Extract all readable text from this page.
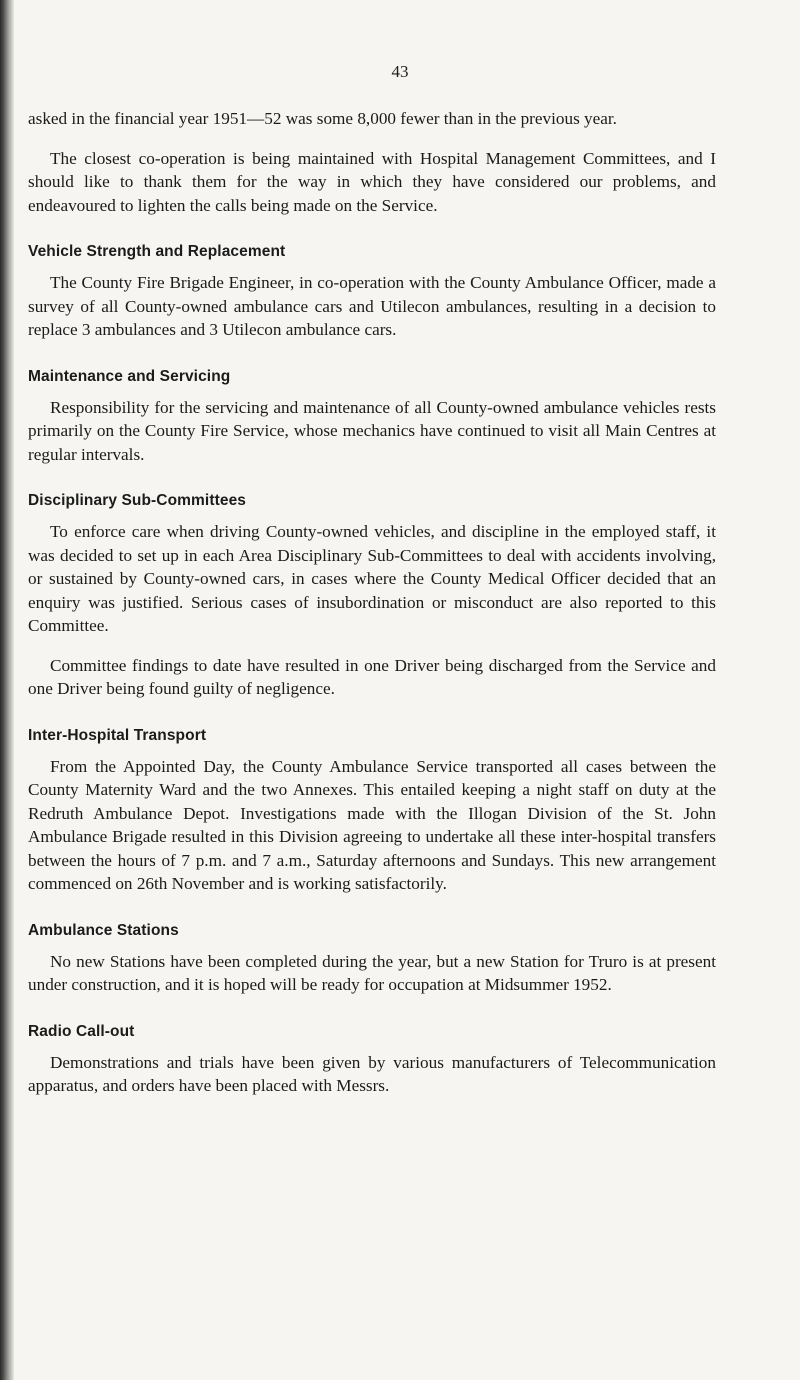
43

asked in the financial year 1951—52 was some 8,000 fewer than in the previous year.

The closest co-operation is being maintained with Hospital Management Committees, and I should like to thank them for the way in which they have considered our problems, and endeavoured to lighten the calls being made on the Service.

Vehicle Strength and Replacement

The County Fire Brigade Engineer, in co-operation with the County Ambulance Officer, made a survey of all County-owned ambulance cars and Utilecon ambulances, resulting in a decision to replace 3 ambulances and 3 Utilecon ambulance cars.

Maintenance and Servicing

Responsibility for the servicing and maintenance of all County-owned ambulance vehicles rests primarily on the County Fire Service, whose mechanics have continued to visit all Main Centres at regular intervals.

Disciplinary Sub-Committees

To enforce care when driving County-owned vehicles, and discipline in the employed staff, it was decided to set up in each Area Disciplinary Sub-Committees to deal with accidents involving, or sustained by County-owned cars, in cases where the County Medical Officer decided that an enquiry was justified. Serious cases of insubordination or misconduct are also reported to this Committee.

Committee findings to date have resulted in one Driver being discharged from the Service and one Driver being found guilty of negligence.

Inter-Hospital Transport

From the Appointed Day, the County Ambulance Service transported all cases between the County Maternity Ward and the two Annexes. This entailed keeping a night staff on duty at the Redruth Ambulance Depot. Investigations made with the Illogan Division of the St. John Ambulance Brigade resulted in this Division agreeing to undertake all these inter-hospital transfers between the hours of 7 p.m. and 7 a.m., Saturday afternoons and Sundays. This new arrangement commenced on 26th November and is working satisfactorily.

Ambulance Stations

No new Stations have been completed during the year, but a new Station for Truro is at present under construction, and it is hoped will be ready for occupation at Midsummer 1952.

Radio Call-out

Demonstrations and trials have been given by various manufacturers of Telecommunication apparatus, and orders have been placed with Messrs.
